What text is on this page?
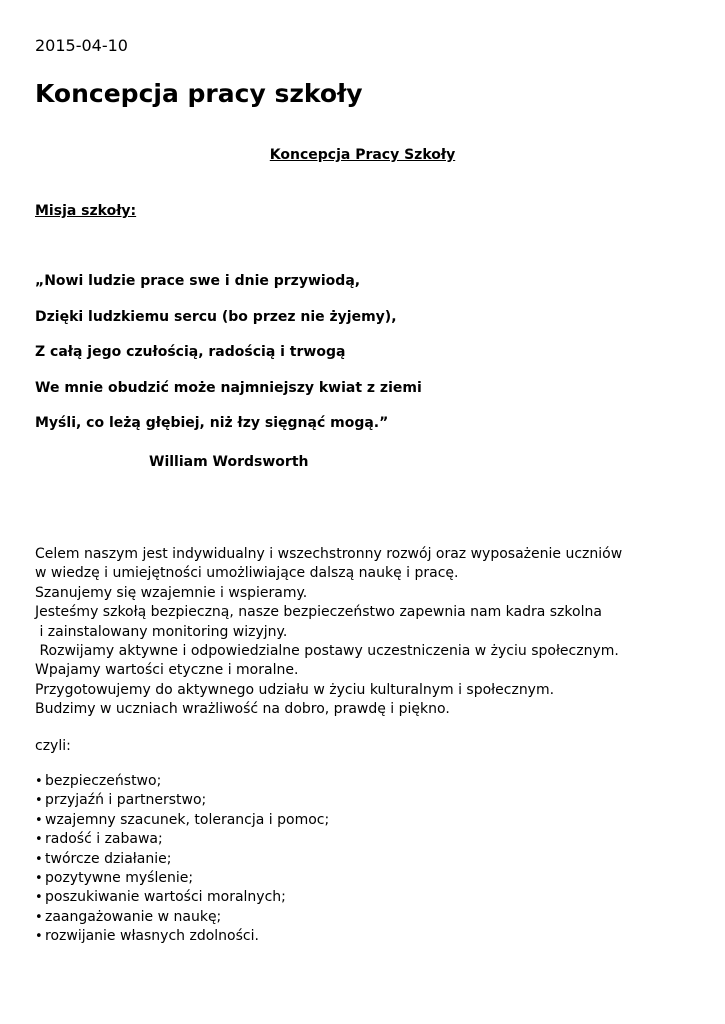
2015-04-10
Koncepcja pracy szkoły
Koncepcja Pracy Szkoły
Misja szkoły:
„Nowi ludzie prace swe i dnie przywiodą,
Dzięki ludzkiemu sercu (bo przez nie żyjemy),
Z całą jego czułością, radością i trwogą
We mnie obudzić może najmniejszy kwiat z ziemi
Myśli, co leżą głębiej, niż łzy sięgnąć mogą.”
William Wordsworth
Celem naszym jest indywidualny i wszechstronny rozwój oraz wyposażenie uczniów
w wiedzę i umiejętności umożliwiające dalszą naukę i pracę.
Szanujemy się wzajemnie i wspieramy.
Jesteśmy szkołą bezpieczną, nasze bezpieczeństwo zapewnia nam kadra szkolna
i zainstalowany monitoring wizyjny.
Rozwijamy aktywne i odpowiedzialne postawy uczestniczenia w życiu społecznym.
Wpajamy wartości etyczne i moralne.
Przygotowujemy do aktywnego udziału w życiu kulturalnym i społecznym.
Budzimy w uczniach wrażliwość na dobro, prawdę i piękno.
czyli:
• bezpieczeństwo;
• przyjaźń i partnerstwo;
• wzajemny szacunek, tolerancja i pomoc;
• radość i zabawa;
• twórcze działanie;
• pozytywne myślenie;
• poszukiwanie wartości moralnych;
• zaangażowanie w naukę;
• rozwijanie własnych zdolności.
